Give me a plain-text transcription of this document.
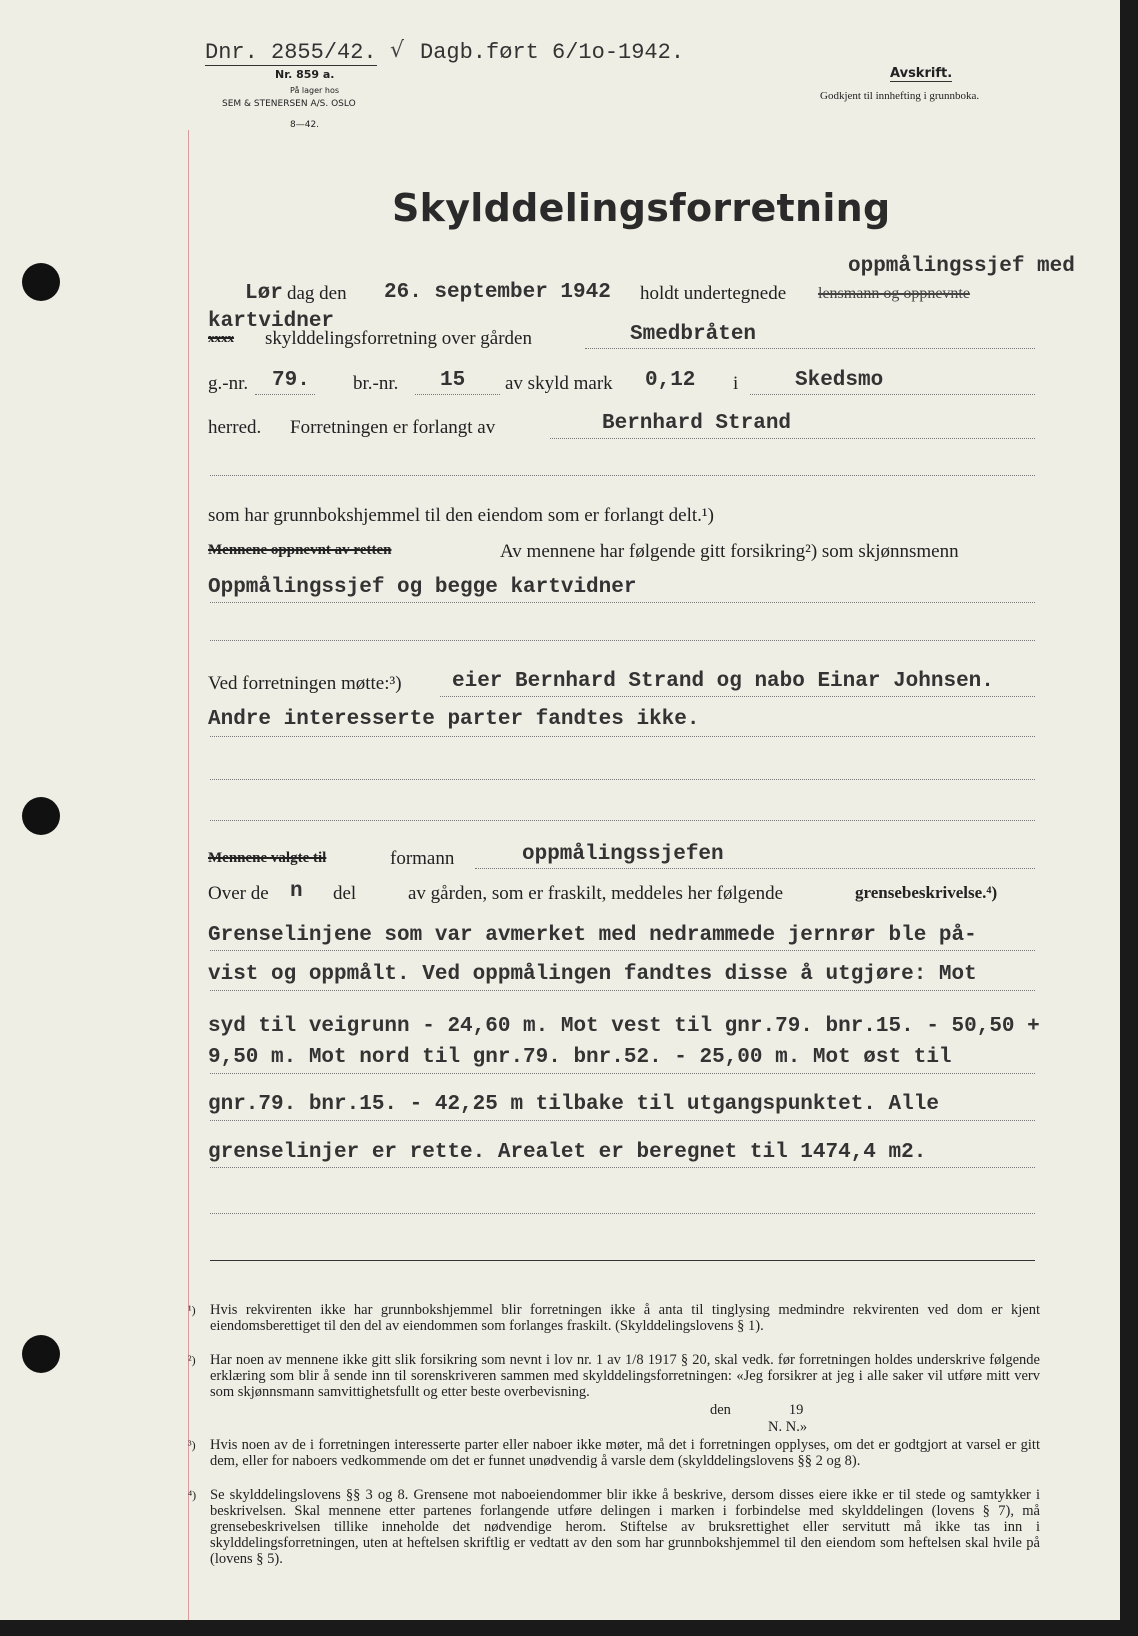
Dnr. 2855/42. √ Dagb.ført 6/1o-1942.
Nr. 859 a.
På lager hos
SEM & STENERSEN A/S. OSLO
8—42.
Avskrift.
Godkjent til innhefting i grunnboka.
Skylddelingsforretning
oppmålingssjef med
Lør dag den 26. september 1942 holdt undertegnede lensmann og oppnevnte
kartvidner
xxxx skylddelingsforretning over gården	Smedbråten
g.-nr. 79. br.-nr. 15 av skyld mark 0,12 i	Skedsmo
herred. Forretningen er forlangt av	Bernhard Strand
som har grunnbokshjemmel til den eiendom som er forlangt delt.¹)
Mennene oppnevnt av retten	Av mennene har følgende gitt forsikring²) som skjønnsmenn
Oppmålingssjef og begge kartvidner
Ved forretningen møtte:³) eier Bernhard Strand og nabo Einar Johnsen.
Andre interesserte parter fandtes ikke.
Mennene valgte til	formann	oppmålingssjefen
Over de n del	av gården, som er fraskilt, meddeles her følgende	grensebeskrivelse.⁴)
Grenselinjene som var avmerket med nedrammede jernrør ble på-
vist og oppmålt. Ved oppmålingen fandtes disse å utgjøre: Mot
syd til veigrunn - 24,60 m. Mot vest til gnr.79. bnr.15. - 50,50 +
9,50 m. Mot nord til gnr.79. bnr.52. - 25,00 m. Mot øst til
gnr.79. bnr.15. - 42,25 m tilbake til utgangspunktet. Alle
grenselinjer er rette. Arealet er beregnet til 1474,4 m2.
¹) Hvis rekvirenten ikke har grunnbokshjemmel blir forretningen ikke å anta til tinglysing medmindre rekvirenten ved dom er kjent eiendomsberettiget til den del av eiendommen som forlanges fraskilt. (Skylddelingslovens § 1).
²) Har noen av mennene ikke gitt slik forsikring som nevnt i lov nr. 1 av 1/8 1917 § 20, skal vedk. før forretningen holdes underskrive følgende erklæring som blir å sende inn til sorenskriveren sammen med skylddelingsforretningen: «Jeg forsikrer at jeg i alle saker vil utføre mitt verv som skjønnsmann samvittighetsfullt og etter beste overbevisning.
den                19
N. N.»
³) Hvis noen av de i forretningen interesserte parter eller naboer ikke møter, må det i forretningen opplyses, om det er godtgjort at varsel er gitt dem, eller for naboers vedkommende om det er funnet unødvendig å varsle dem (skylddelingslovens §§ 2 og 8).
⁴) Se skylddelingslovens §§ 3 og 8. Grensene mot naboeiendommer blir ikke å beskrive, dersom disses eiere ikke er til stede og samtykker i beskrivelsen. Skal mennene etter partenes forlangende utføre delingen i marken i forbindelse med skylddelingen (lovens § 7), må grensebeskrivelsen tillike inneholde det nødvendige herom. Stiftelse av bruksrettighet eller servitutt må ikke tas inn i skylddelingsforretningen, uten at heftelsen skriftlig er vedtatt av den som har grunnbokshjemmel til den eiendom som heftelsen skal hvile på (lovens § 5).
